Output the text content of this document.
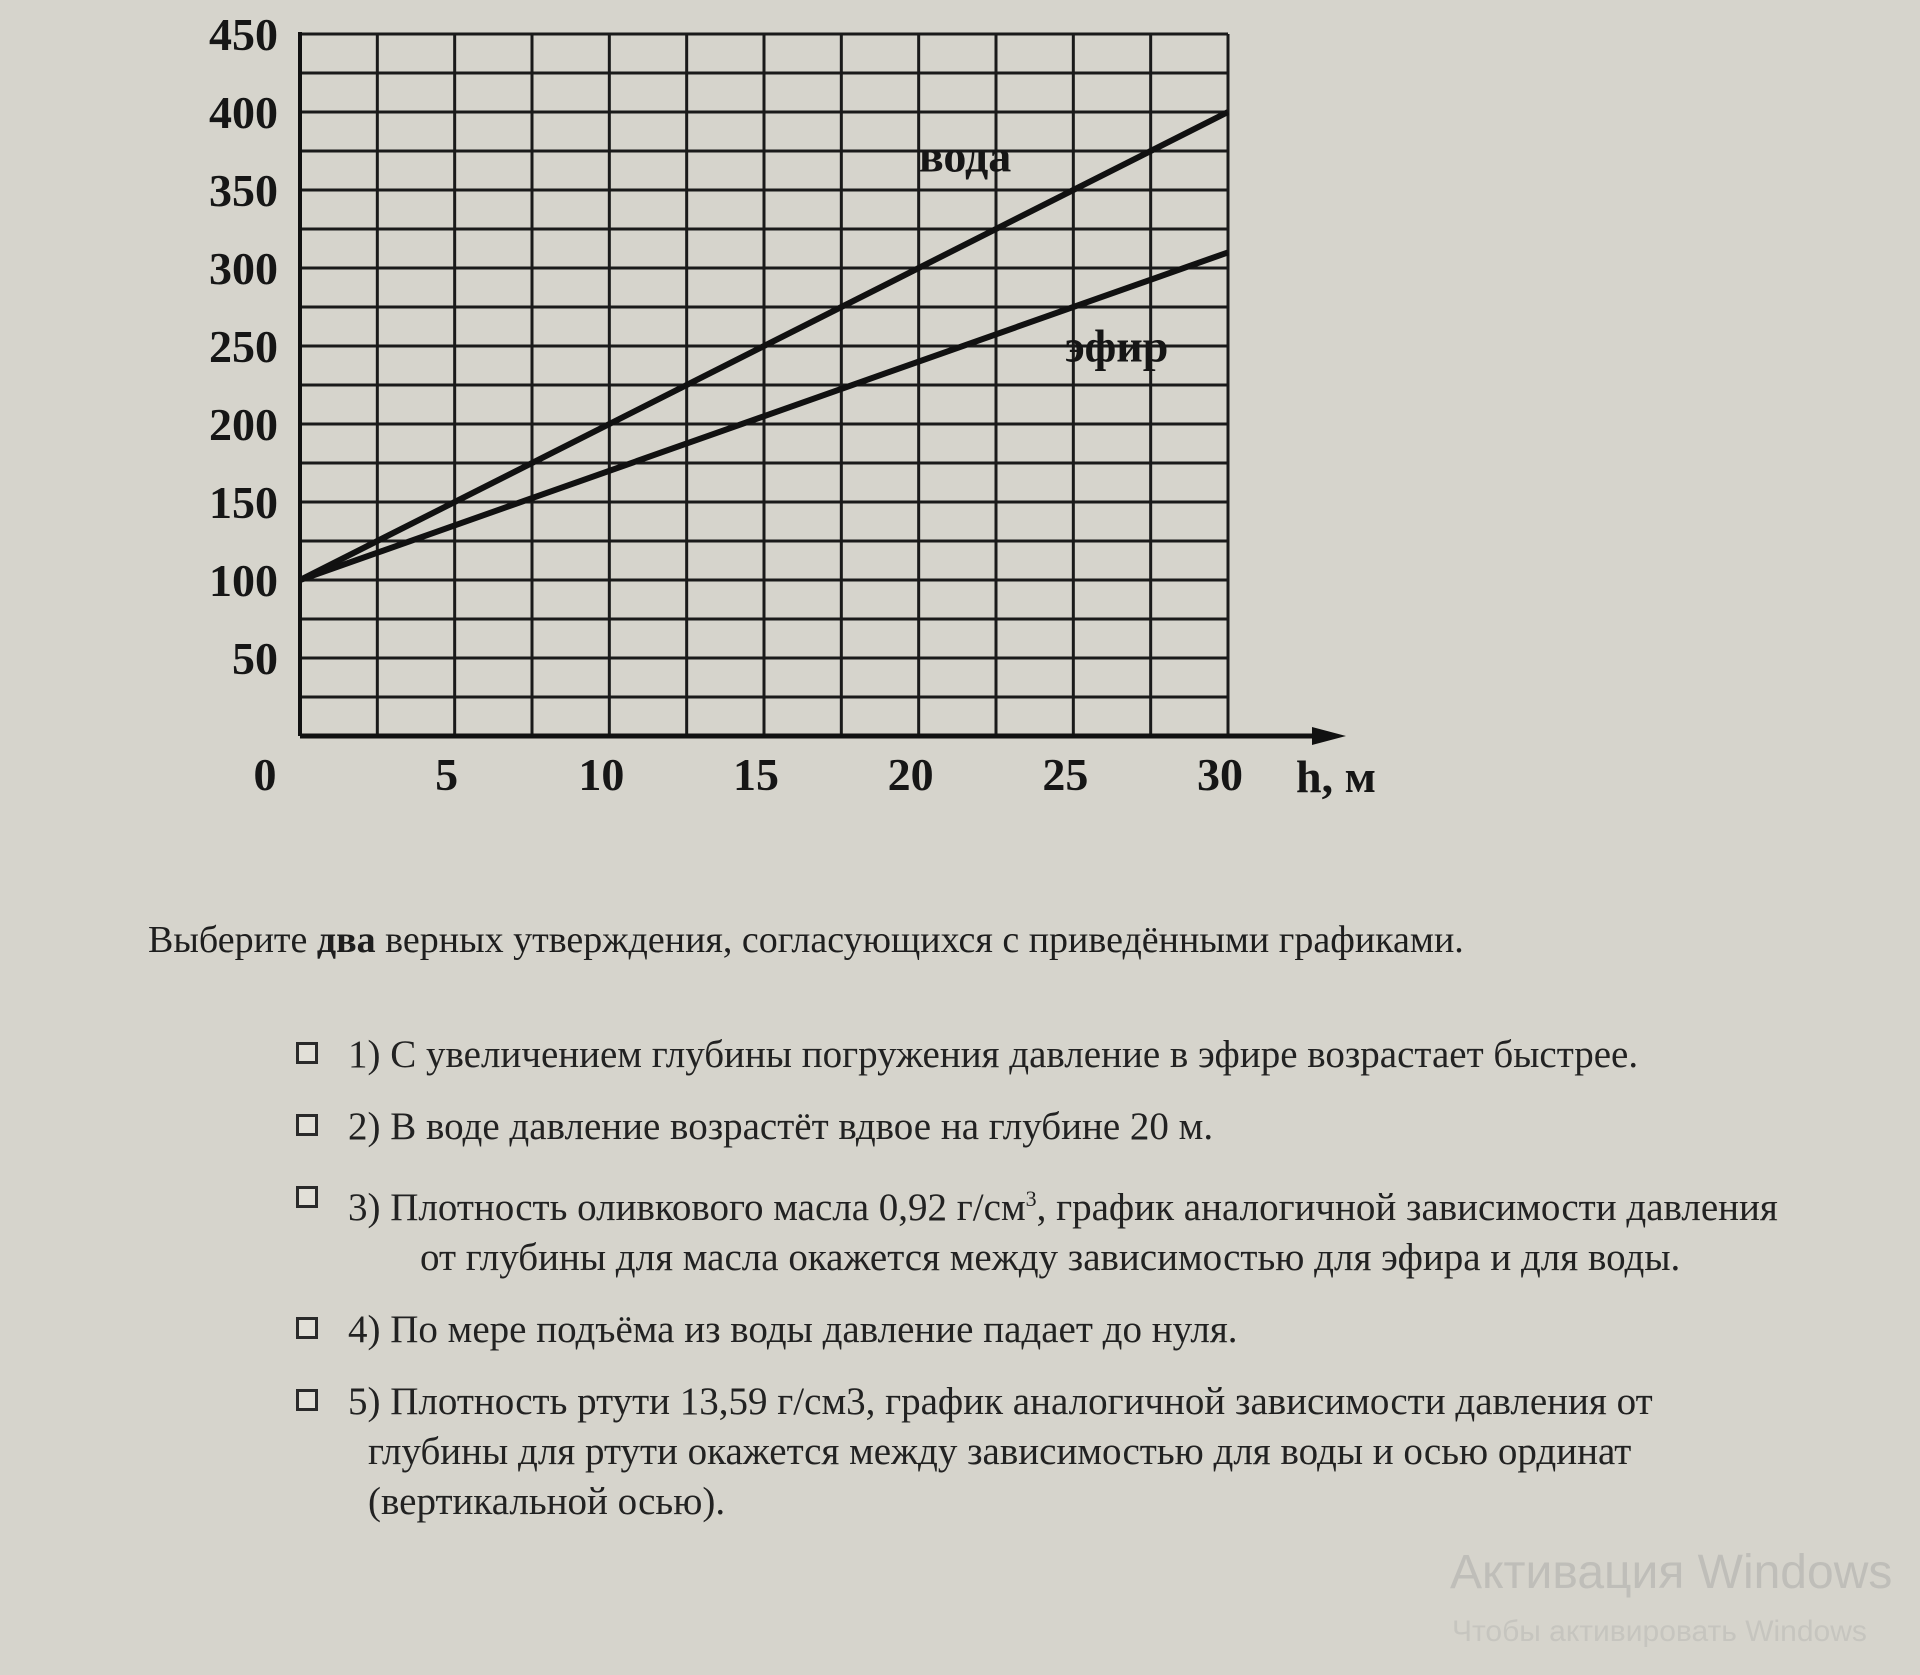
вода
эфир
50
100
150
200
250
300
350
400
450
0	5	10 15 20 25 30 h, м
Выберите два верных утверждения, согласующихся с приведёнными графиками.
1) С увеличением глубины погружения давление в эфире возрастает быстрее.
2) В воде давление возрастёт вдвое на глубине 20 м.
3) Плотность оливкового масла 0,92 $г/см^3$, график аналогичной зависимости давления
от глубины для масла окажется между зависимостью для эфира и для воды.
4) По мере подъёма из воды давление падает до нуля.
5) Плотность ртути 13,59 г/см3, график аналогичной зависимости давления от
глубины для ртути окажется между зависимостью для воды и осью ординат
(вертикальной осью).
Активация Windows
Чтобы активировать Windows
